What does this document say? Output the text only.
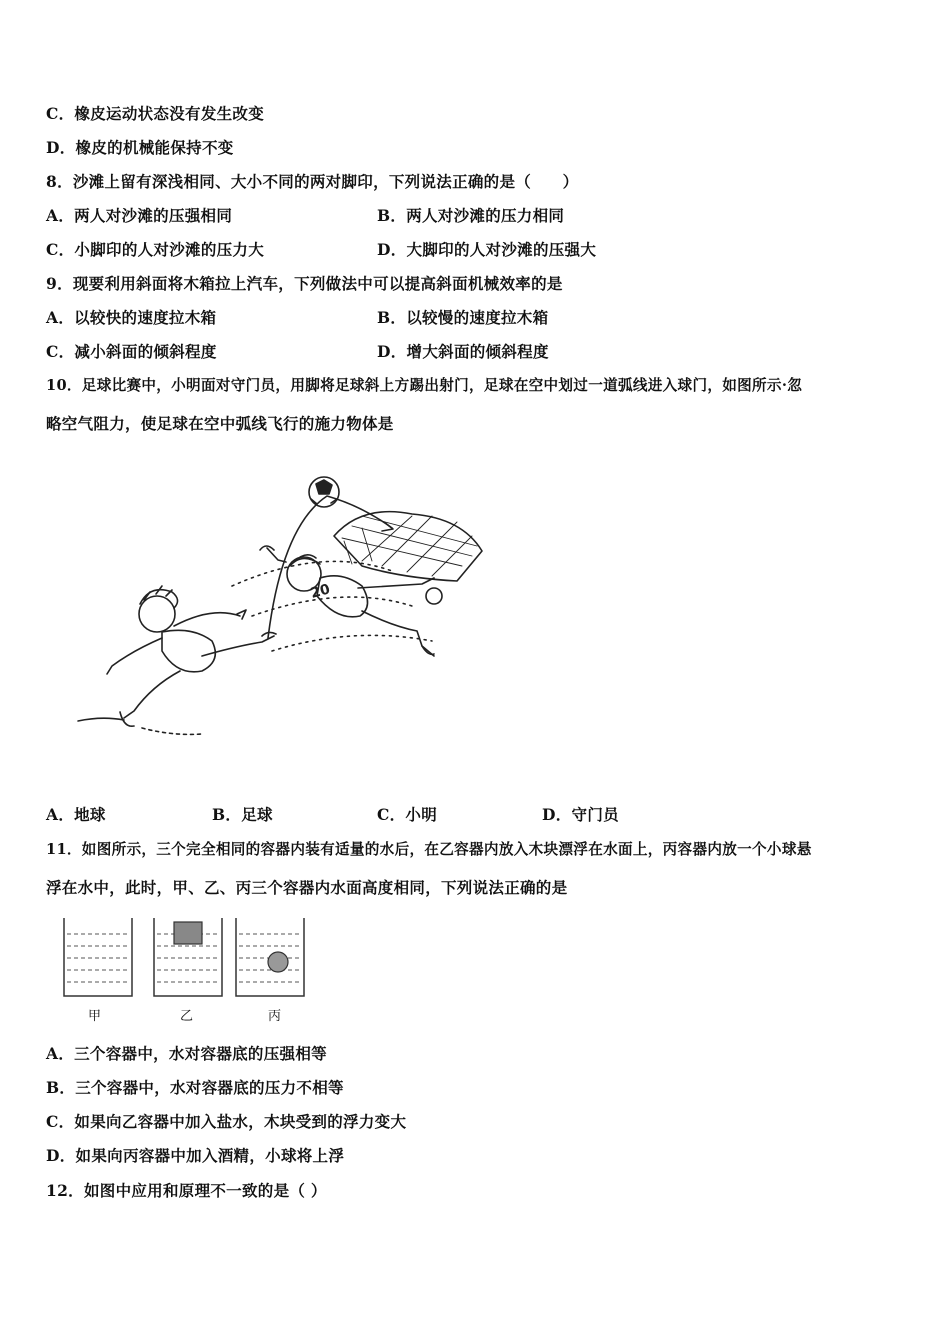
C．橡皮运动状态没有发生改变
D．橡皮的机械能保持不变
8．沙滩上留有深浅相同、大小不同的两对脚印，下列说法正确的是（　　）
A．两人对沙滩的压强相同	B．两人对沙滩的压力相同
C．小脚印的人对沙滩的压力大	D．大脚印的人对沙滩的压强大
9．现要利用斜面将木箱拉上汽车，下列做法中可以提高斜面机械效率的是
A．以较快的速度拉木箱	B．以较慢的速度拉木箱
C．减小斜面的倾斜程度	D．增大斜面的倾斜程度
10．足球比赛中，小明面对守门员，用脚将足球斜上方踢出射门，足球在空中划过一道弧线进入球门，如图所示·忽
略空气阻力，使足球在空中弧线飞行的施力物体是
20
A．地球	B．足球	C．小明	D．守门员
11．如图所示，三个完全相同的容器内装有适量的水后，在乙容器内放入木块漂浮在水面上，丙容器内放一个小球悬
浮在水中，此时，甲、乙、丙三个容器内水面高度相同，下列说法正确的是
甲	乙	丙
A．三个容器中，水对容器底的压强相等
B．三个容器中，水对容器底的压力不相等
C．如果向乙容器中加入盐水，木块受到的浮力变大
D．如果向丙容器中加入酒精，小球将上浮
12．如图中应用和原理不一致的是（ ）
